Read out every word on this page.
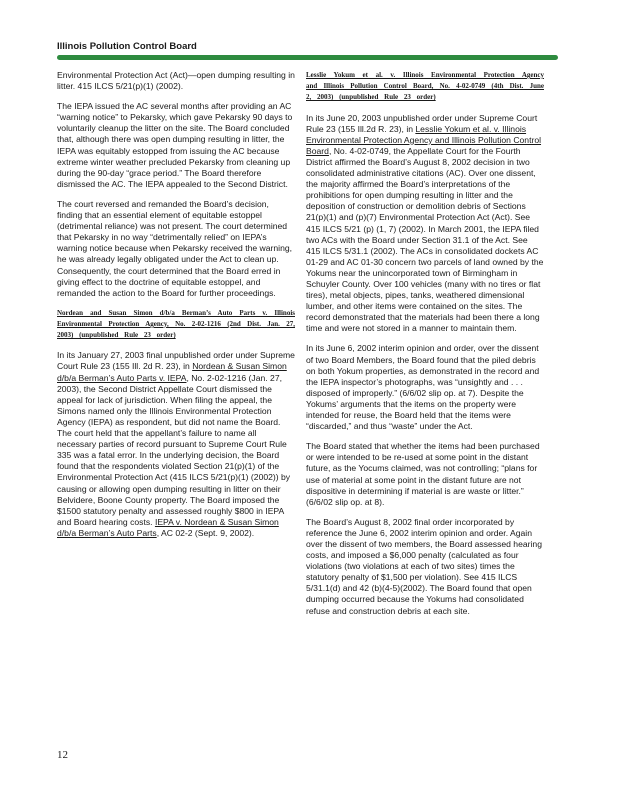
Illinois Pollution Control Board

Environmental Protection Act (Act)—open dumping resulting in litter. 415 ILCS 5/21(p)(1) (2002).

The IEPA issued the AC several months after providing an AC “warning notice” to Pekarsky, which gave Pekarsky 90 days to voluntarily cleanup the litter on the site. The Board concluded that, although there was open dumping resulting in litter, the IEPA was equitably estopped from issuing the AC because extreme winter weather precluded Pekarsky from cleaning up during the 90-day “grace period.” The Board therefore dismissed the AC. The IEPA appealed to the Second District.

The court reversed and remanded the Board’s decision, finding that an essential element of equitable estoppel (detrimental reliance) was not present. The court determined that Pekarsky in no way “detrimentally relied” on IEPA’s warning notice because when Pekarsky received the warning, he was already legally obligated under the Act to clean up. Consequently, the court determined that the Board erred in giving effect to the doctrine of equitable estoppel, and remanded the action to the Board for further proceedings.

Nordean and Susan Simon d/b/a Berman’s Auto Parts v. Illinois Environmental Protection Agency, No. 2-02-1216 (2nd Dist. Jan. 27, 2003) (unpublished Rule 23 order)

In its January 27, 2003 final unpublished order under Supreme Court Rule 23 (155 Ill. 2d R. 23), in Nordean & Susan Simon d/b/a Berman’s Auto Parts v. IEPA, No. 2-02-1216 (Jan. 27, 2003), the Second District Appellate Court dismissed the appeal for lack of jurisdiction. When filing the appeal, the Simons named only the Illinois Environmental Protection Agency (IEPA) as respondent, but did not name the Board. The court held that the appellant’s failure to name all necessary parties of record pursuant to Supreme Court Rule 335 was a fatal error. In the underlying decision, the Board found that the respondents violated Section 21(p)(1) of the Environmental Protection Act (415 ILCS 5/21(p)(1) (2002)) by causing or allowing open dumping resulting in litter on their Belvidere, Boone County property. The Board imposed the $1500 statutory penalty and assessed roughly $800 in IEPA and Board hearing costs. IEPA v. Nordean & Susan Simon d/b/a Berman’s Auto Parts, AC 02-2 (Sept. 9, 2002).

Lesslie Yokum et al. v. Illinois Environmental Protection Agency and Illinois Pollution Control Board, No. 4-02-0749 (4th Dist. June 2, 2003) (unpublished Rule 23 order)

In its June 20, 2003 unpublished order under Supreme Court Rule 23 (155 Ill.2d R. 23), in Lesslie Yokum et al. v. Illinois Environmental Protection Agency and Illinois Pollution Control Board, No. 4-02-0749, the Appellate Court for the Fourth District affirmed the Board’s August 8, 2002 decision in two consolidated administrative citations (AC). Over one dissent, the majority affirmed the Board’s interpretations of the prohibitions for open dumping resulting in litter and the deposition of construction or demolition debris of Sections 21(p)(1) and (p)(7) Environmental Protection Act (Act). See 415 ILCS 5/21 (p) (1, 7) (2002). In March 2001, the IEPA filed two ACs with the Board under Section 31.1 of the Act. See 415 ILCS 5/31.1 (2002). The ACs in consolidated dockets AC 01-29 and AC 01-30 concern two parcels of land owned by the Yokums near the unincorporated town of Birmingham in Schuyler County. Over 100 vehicles (many with no tires or flat tires), metal objects, pipes, tanks, weathered dimensional lumber, and other items were contained on the sites. The record demonstrated that the materials had been there a long time and were not stored in a manner to maintain them.

In its June 6, 2002 interim opinion and order, over the dissent of two Board Members, the Board found that the piled debris on both Yokum properties, as demonstrated in the record and the IEPA inspector’s photographs, was “unsightly and . . . disposed of improperly.” (6/6/02 slip op. at 7). Despite the Yokums’ arguments that the items on the property were intended for reuse, the Board held that the items were “discarded,” and thus “waste” under the Act.

The Board stated that whether the items had been purchased or were intended to be re-used at some point in the distant future, as the Yocums claimed, was not controlling; “plans for use of material at some point in the distant future are not dispositive in determining if material is are waste or litter.” (6/6/02 slip op. at 8).

The Board’s August 8, 2002 final order incorporated by reference the June 6, 2002 interim opinion and order. Again over the dissent of two members, the Board assessed hearing costs, and imposed a $6,000 penalty (calculated as four violations (two violations at each of two sites) times the statutory penalty of $1,500 per violation). See 415 ILCS 5/31.1(d) and 42 (b)(4-5)(2002). The Board found that open dumping occurred because the Yokums had consolidated refuse and construction debris at each site.

12
